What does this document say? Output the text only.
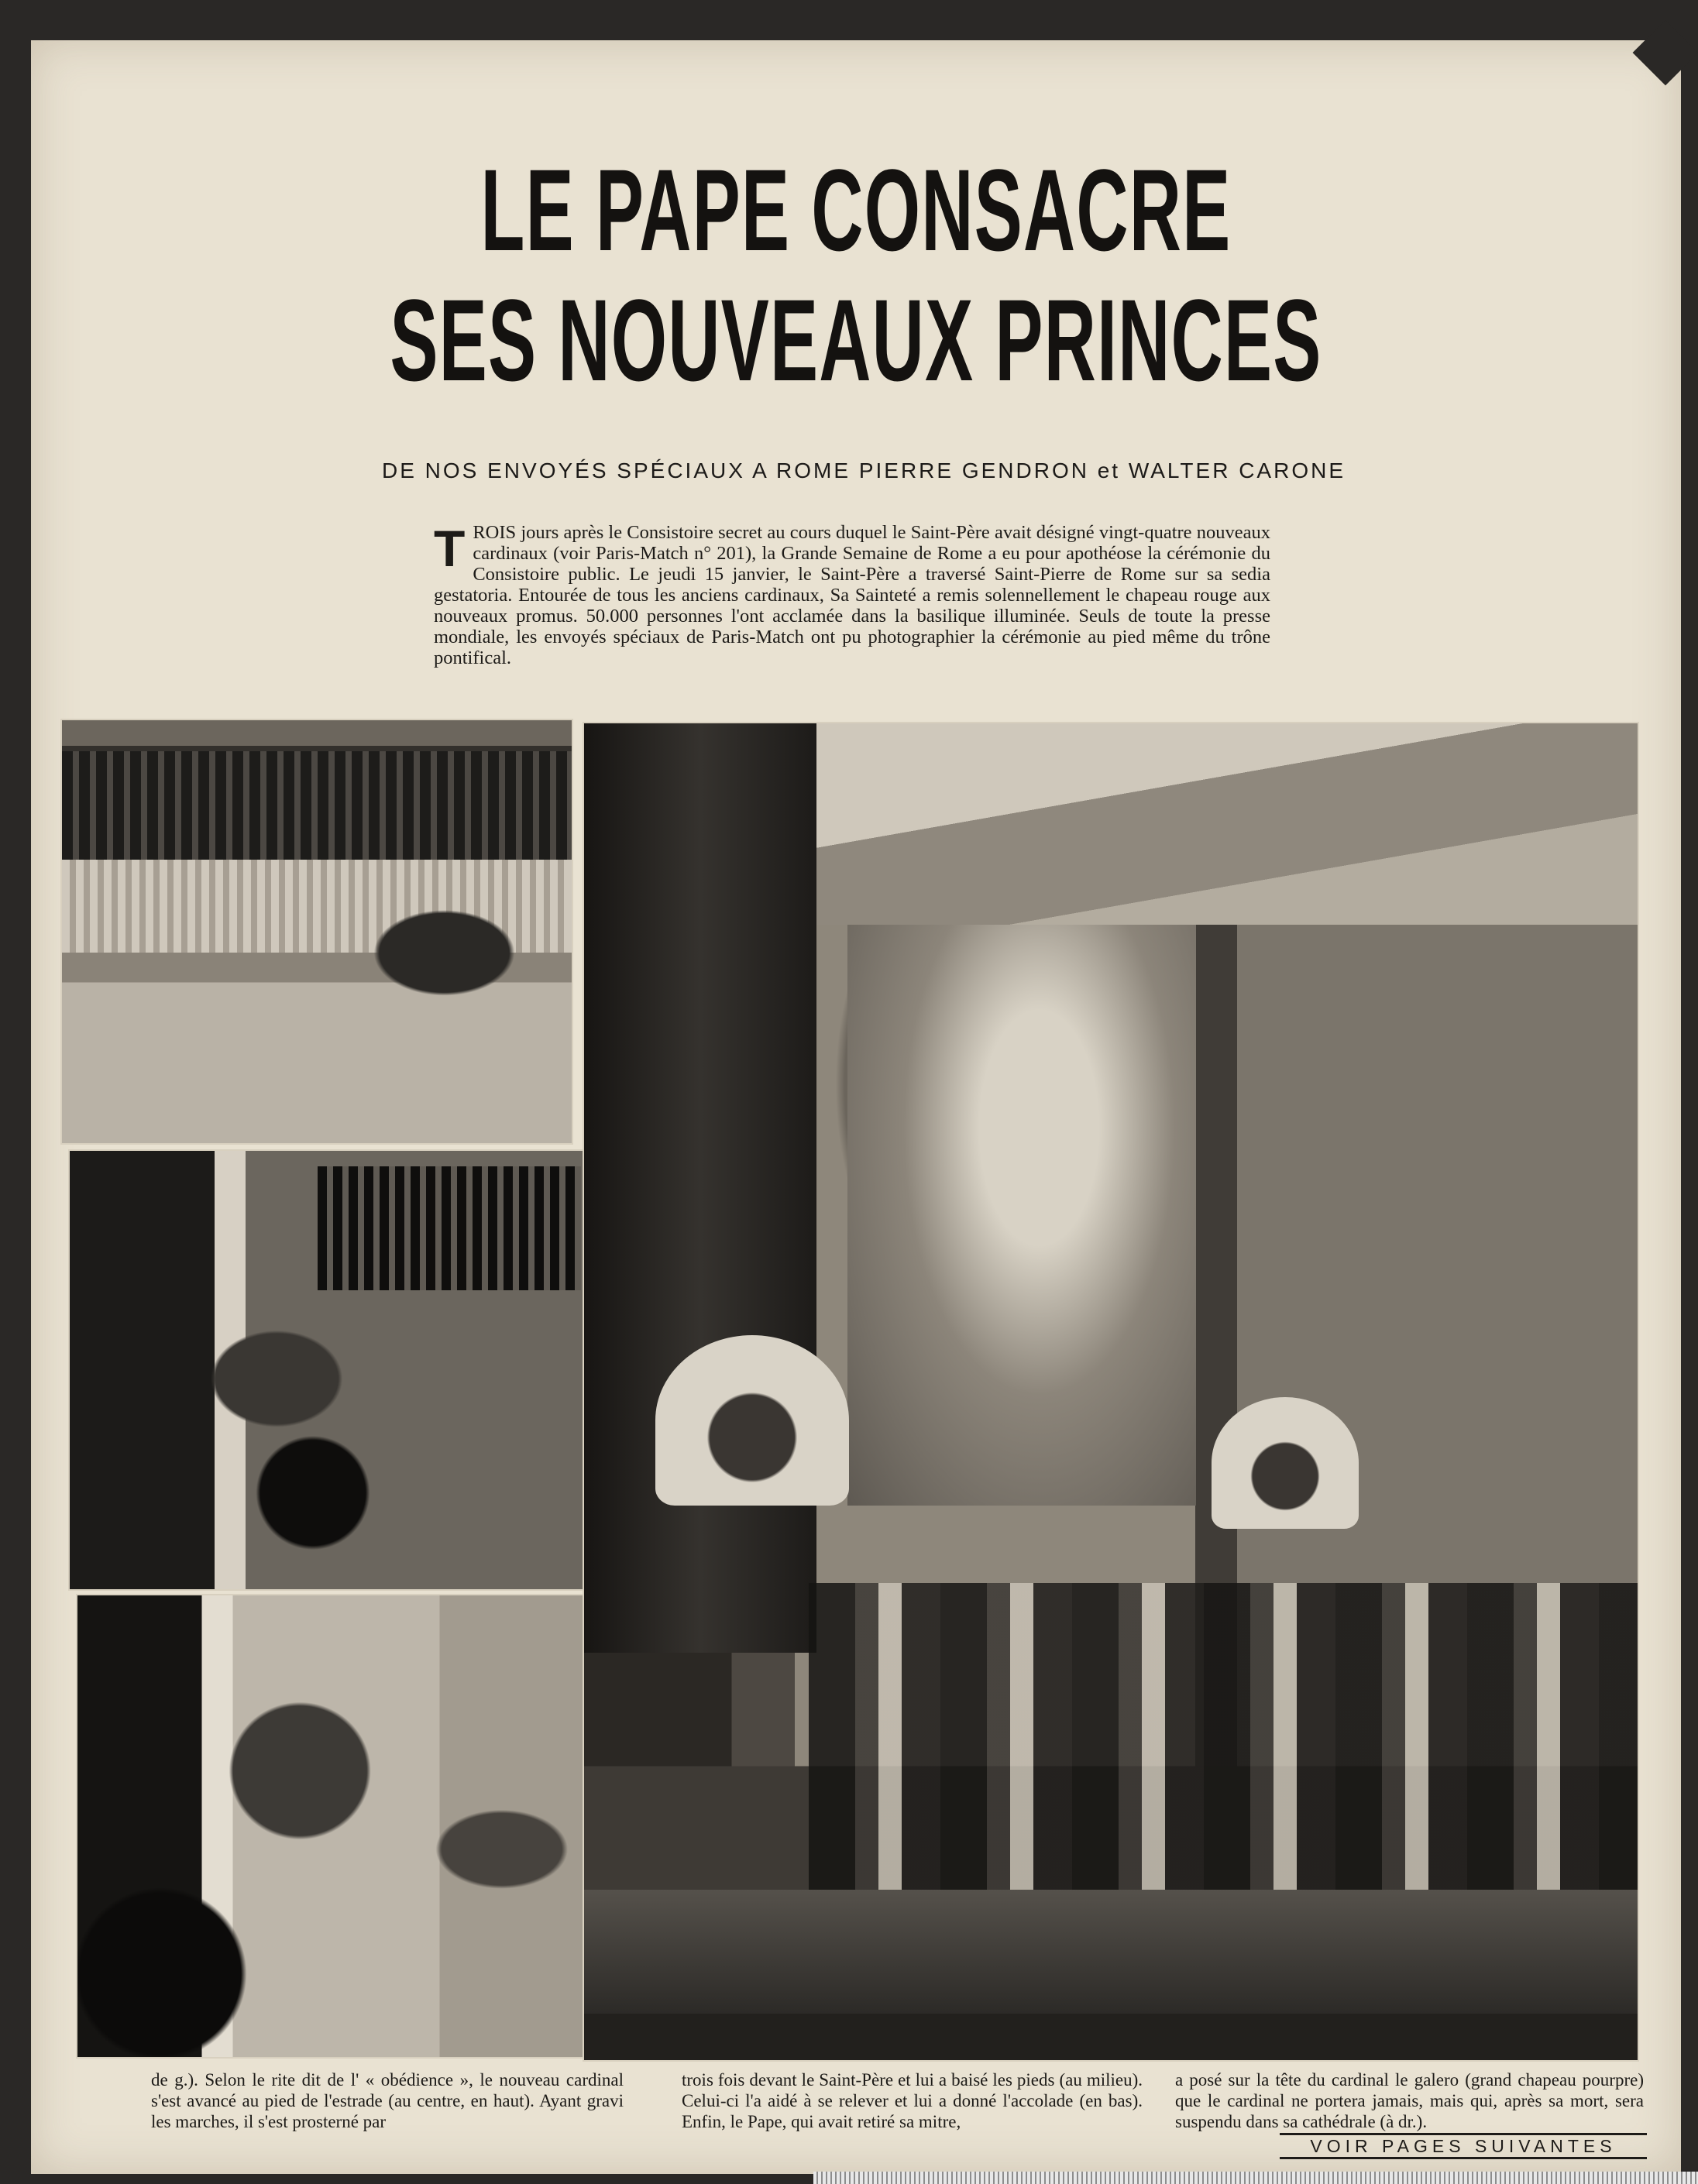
LE PAPE CONSACRE
SES NOUVEAUX PRINCES
DE NOS ENVOYÉS SPÉCIAUX A ROME PIERRE GENDRON et WALTER CARONE
T ROIS jours après le Consistoire secret au cours duquel le Saint-Père avait désigné vingt-quatre nouveaux cardinaux (voir Paris-Match n° 201), la Grande Semaine de Rome a eu pour apothéose la cérémonie du Consistoire public. Le jeudi 15 janvier, le Saint-Père a traversé Saint-Pierre de Rome sur sa sedia gestatoria. Entourée de tous les anciens cardinaux, Sa Sainteté a remis solennellement le chapeau rouge aux nouveaux promus. 50.000 personnes l'ont acclamée dans la basilique illuminée. Seuls de toute la presse mondiale, les envoyés spéciaux de Paris-Match ont pu photographier la cérémonie au pied même du trône pontifical.

de g.). Selon le rite dit de l' « obédience », le nouveau cardinal s'est avancé au pied de l'estrade (au centre, en haut). Ayant gravi les marches, il s'est prosterné par

trois fois devant le Saint-Père et lui a baisé les pieds (au milieu). Celui-ci l'a aidé à se relever et lui a donné l'accolade (en bas). Enfin, le Pape, qui avait retiré sa mitre,

a posé sur la tête du cardinal le galero (grand chapeau pourpre) que le cardinal ne portera jamais, mais qui, après sa mort, sera suspendu dans sa cathédrale (à dr.).

VOIR PAGES SUIVANTES
